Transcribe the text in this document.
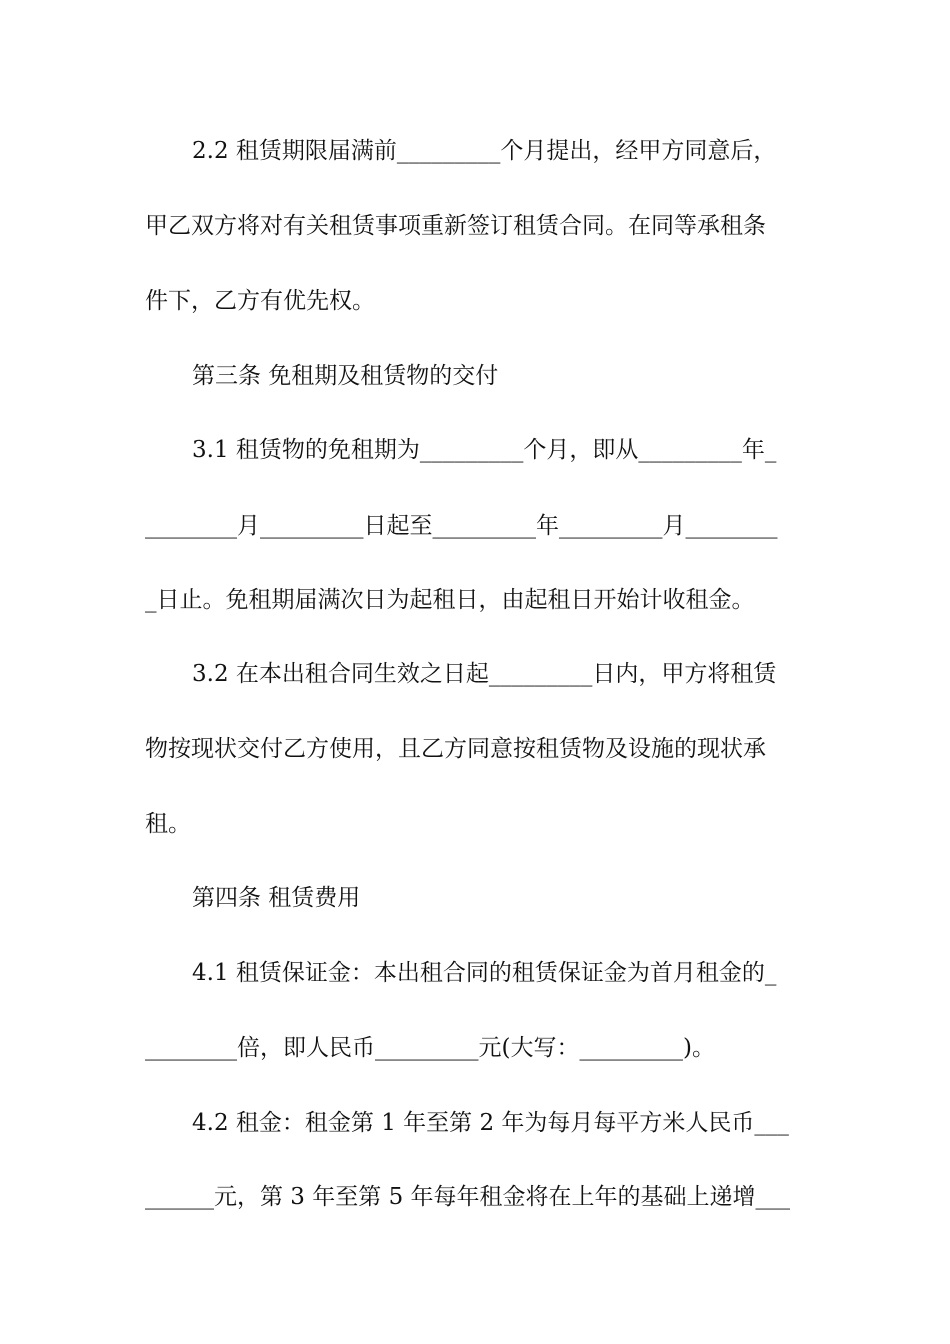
2.2 租赁期限届满前_________个月提出，经甲方同意后，
甲乙双方将对有关租赁事项重新签订租赁合同。在同等承租条
件下，乙方有优先权。
第三条 免租期及租赁物的交付
3.1 租赁物的免租期为_________个月，即从_________年_
________月_________日起至_________年_________月________
_日止。免租期届满次日为起租日，由起租日开始计收租金。
3.2 在本出租合同生效之日起_________日内，甲方将租赁
物按现状交付乙方使用，且乙方同意按租赁物及设施的现状承
租。
第四条 租赁费用
4.1 租赁保证金：本出租合同的租赁保证金为首月租金的_
________倍，即人民币_________元(大写：_________)。
4.2 租金：租金第 1 年至第 2 年为每月每平方米人民币___
______元，第 3 年至第 5 年每年租金将在上年的基础上递增___
